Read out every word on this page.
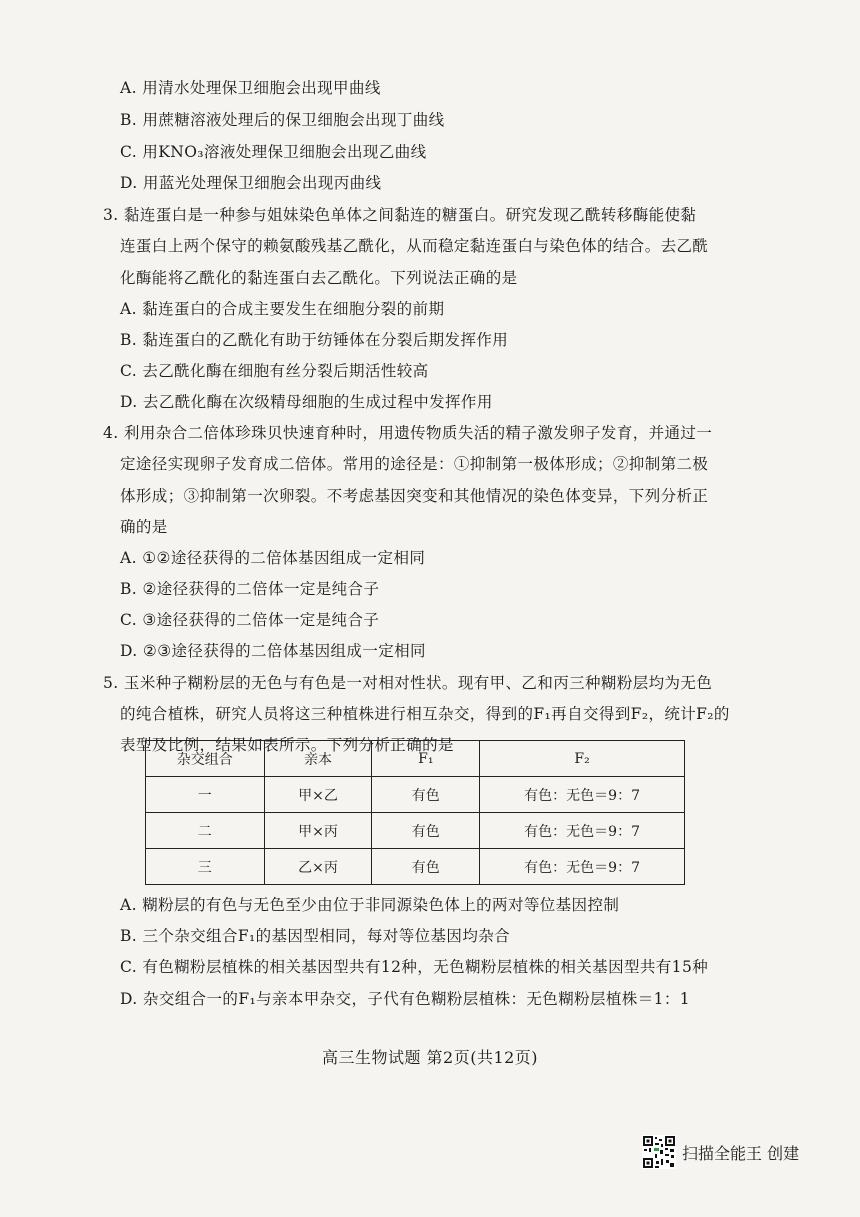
A. 用清水处理保卫细胞会出现甲曲线
B. 用蔗糖溶液处理后的保卫细胞会出现丁曲线
C. 用KNO₃溶液处理保卫细胞会出现乙曲线
D. 用蓝光处理保卫细胞会出现丙曲线
3. 黏连蛋白是一种参与姐妹染色单体之间黏连的糖蛋白。研究发现乙酰转移酶能使黏
连蛋白上两个保守的赖氨酸残基乙酰化，从而稳定黏连蛋白与染色体的结合。去乙酰
化酶能将乙酰化的黏连蛋白去乙酰化。下列说法正确的是
A. 黏连蛋白的合成主要发生在细胞分裂的前期
B. 黏连蛋白的乙酰化有助于纺锤体在分裂后期发挥作用
C. 去乙酰化酶在细胞有丝分裂后期活性较高
D. 去乙酰化酶在次级精母细胞的生成过程中发挥作用
4. 利用杂合二倍体珍珠贝快速育种时，用遗传物质失活的精子激发卵子发育，并通过一
定途径实现卵子发育成二倍体。常用的途径是：①抑制第一极体形成；②抑制第二极
体形成；③抑制第一次卵裂。不考虑基因突变和其他情况的染色体变异，下列分析正
确的是
A. ①②途径获得的二倍体基因组成一定相同
B. ②途径获得的二倍体一定是纯合子
C. ③途径获得的二倍体一定是纯合子
D. ②③途径获得的二倍体基因组成一定相同
5. 玉米种子糊粉层的无色与有色是一对相对性状。现有甲、乙和丙三种糊粉层均为无色
的纯合植株，研究人员将这三种植株进行相互杂交，得到的F₁再自交得到F₂，统计F₂的
表型及比例，结果如表所示。下列分析正确的是
杂交组合	亲本	F₁	F₂
一	甲×乙	有色	有色：无色＝9：7
二	甲×丙	有色	有色：无色＝9：7
三	乙×丙	有色	有色：无色＝9：7
A. 糊粉层的有色与无色至少由位于非同源染色体上的两对等位基因控制
B. 三个杂交组合F₁的基因型相同，每对等位基因均杂合
C. 有色糊粉层植株的相关基因型共有12种，无色糊粉层植株的相关基因型共有15种
D. 杂交组合一的F₁与亲本甲杂交，子代有色糊粉层植株：无色糊粉层植株＝1：1
高三生物试题 第2页(共12页)
扫描全能王 创建
